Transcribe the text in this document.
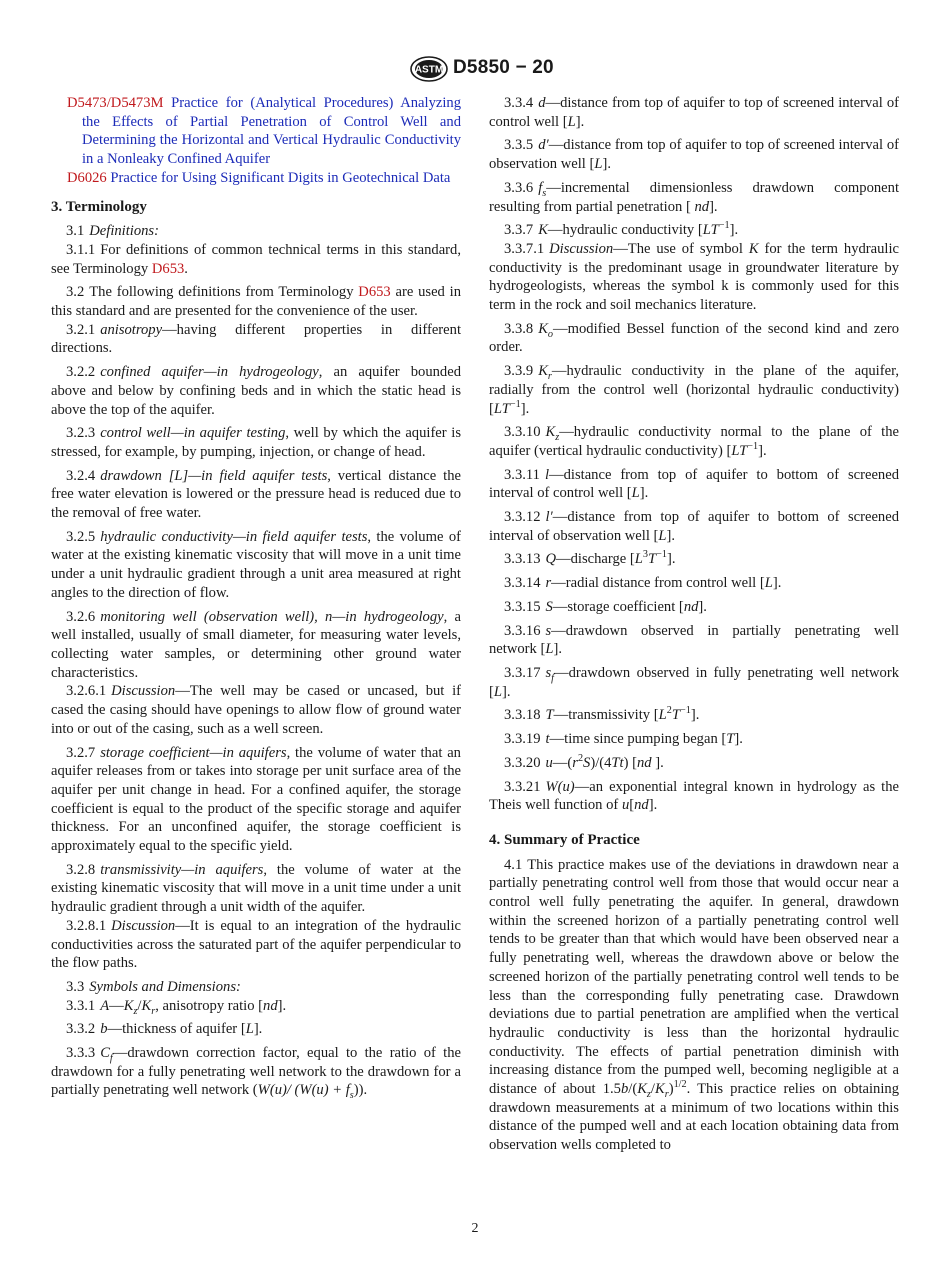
ASTM D5850 − 20
D5473/D5473M Practice for (Analytical Procedures) Analyzing the Effects of Partial Penetration of Control Well and Determining the Horizontal and Vertical Hydraulic Conductivity in a Nonleaky Confined Aquifer
D6026 Practice for Using Significant Digits in Geotechnical Data
3. Terminology

3.1 Definitions:

3.1.1 For definitions of common technical terms in this standard, see Terminology D653.

3.2 The following definitions from Terminology D653 are used in this standard and are presented for the convenience of the user.

3.2.1 anisotropy—having different properties in different directions.

3.2.2 confined aquifer—in hydrogeology, an aquifer bounded above and below by confining beds and in which the static head is above the top of the aquifer.

3.2.3 control well—in aquifer testing, well by which the aquifer is stressed, for example, by pumping, injection, or change of head.

3.2.4 drawdown [L]—in field aquifer tests, vertical distance the free water elevation is lowered or the pressure head is reduced due to the removal of free water.

3.2.5 hydraulic conductivity—in field aquifer tests, the volume of water at the existing kinematic viscosity that will move in a unit time under a unit hydraulic gradient through a unit area measured at right angles to the direction of flow.

3.2.6 monitoring well (observation well), n—in hydrogeology, a well installed, usually of small diameter, for measuring water levels, collecting water samples, or determining other ground water characteristics.

3.2.6.1 Discussion—The well may be cased or uncased, but if cased the casing should have openings to allow flow of ground water into or out of the casing, such as a well screen.

3.2.7 storage coefficient—in aquifers, the volume of water that an aquifer releases from or takes into storage per unit surface area of the aquifer per unit change in head. For a confined aquifer, the storage coefficient is equal to the product of the specific storage and aquifer thickness. For an unconfined aquifer, the storage coefficient is approximately equal to the specific yield.

3.2.8 transmissivity—in aquifers, the volume of water at the existing kinematic viscosity that will move in a unit time under a unit hydraulic gradient through a unit width of the aquifer.

3.2.8.1 Discussion—It is equal to an integration of the hydraulic conductivities across the saturated part of the aquifer perpendicular to the flow paths.

3.3 Symbols and Dimensions:

3.3.1 $A—K_z/K_r$, anisotropy ratio [nd].

3.3.2 b—thickness of aquifer [L].

3.3.3 $C_f—drawdown$ correction factor, equal to the ratio of the drawdown for a fully penetrating well network to the drawdown for a partially penetrating well network (W(u)/ $(W(u) + f_s)$).

3.3.4 d—distance from top of aquifer to top of screened interval of control well [L].

3.3.5 d′—distance from top of aquifer to top of screened interval of observation well [L].

3.3.6 $f_s—incremental$ dimensionless drawdown component resulting from partial penetration [ nd].

3.3.7 K—hydraulic conductivity $[LT^{-1}]$.

3.3.7.1 Discussion—The use of symbol K for the term hydraulic conductivity is the predominant usage in groundwater literature by hydrogeologists, whereas the symbol k is commonly used for this term in the rock and soil mechanics literature.

3.3.8 $K_o—modified$ Bessel function of the second kind and zero order.

3.3.9 $K_r—hydraulic$ conductivity in the plane of the aquifer, radially from the control well (horizontal hydraulic conductivity) $[LT^{-1}]$.

3.3.10 $K_z—hydraulic$ conductivity normal to the plane of the aquifer (vertical hydraulic conductivity) $[LT^{-1}]$.

3.3.11 l—distance from top of aquifer to bottom of screened interval of control well [L].

3.3.12 l′—distance from top of aquifer to bottom of screened interval of observation well [L].

3.3.13 Q—discharge $[L^3T^{-1}]$.

3.3.14 r—radial distance from control well [L].

3.3.15 S—storage coefficient [nd].

3.3.16 s—drawdown observed in partially penetrating well network [L].

3.3.17 $s_f—drawdown$ observed in fully penetrating well network [L].

3.3.18 T—transmissivity $[L^2T^{-1}]$.

3.3.19 t—time since pumping began [T].

3.3.20 $u—(r^2S)/(4Tt)$ [nd ].

3.3.21 W(u)—an exponential integral known in hydrology as the Theis well function of u[nd].

4. Summary of Practice

4.1 This practice makes use of the deviations in drawdown near a partially penetrating control well from those that would occur near a control well fully penetrating the aquifer. In general, drawdown within the screened horizon of a partially penetrating control well tends to be greater than that which would have been observed near a fully penetrating well, whereas the drawdown above or below the screened horizon of the partially penetrating control well tends to be less than the corresponding fully penetrating case. Drawdown deviations due to partial penetration are amplified when the vertical hydraulic conductivity is less than the horizontal hydraulic conductivity. The effects of partial penetration diminish with increasing distance from the pumped well, becoming negligible at a distance of about $1.5b/(K_z/K_r)^{1/2}$. This practice relies on obtaining drawdown measurements at a minimum of two locations within this distance of the pumped well and at each location obtaining data from observation wells completed to

2
